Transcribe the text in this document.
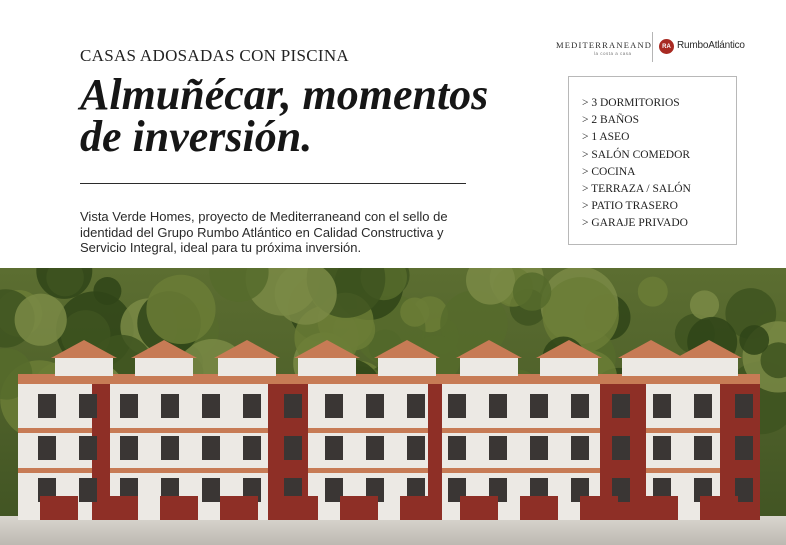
CASAS ADOSADAS CON PISCINA
Almuñécar, momentos
de inversión.

Vista Verde Homes, proyecto de Mediterraneand con el sello de identidad del Grupo Rumbo Atlántico en Calidad Constructiva y Servicio Integral, ideal para tu próxima inversión.

MEDITERRANEAND
la costa a casa
RA RumboAtlántico
> 3 DORMITORIOS
> 2 BAÑOS
> 1 ASEO
> SALÓN COMEDOR
> COCINA
> TERRAZA / SALÓN
> PATIO TRASERO
> GARAJE PRIVADO
